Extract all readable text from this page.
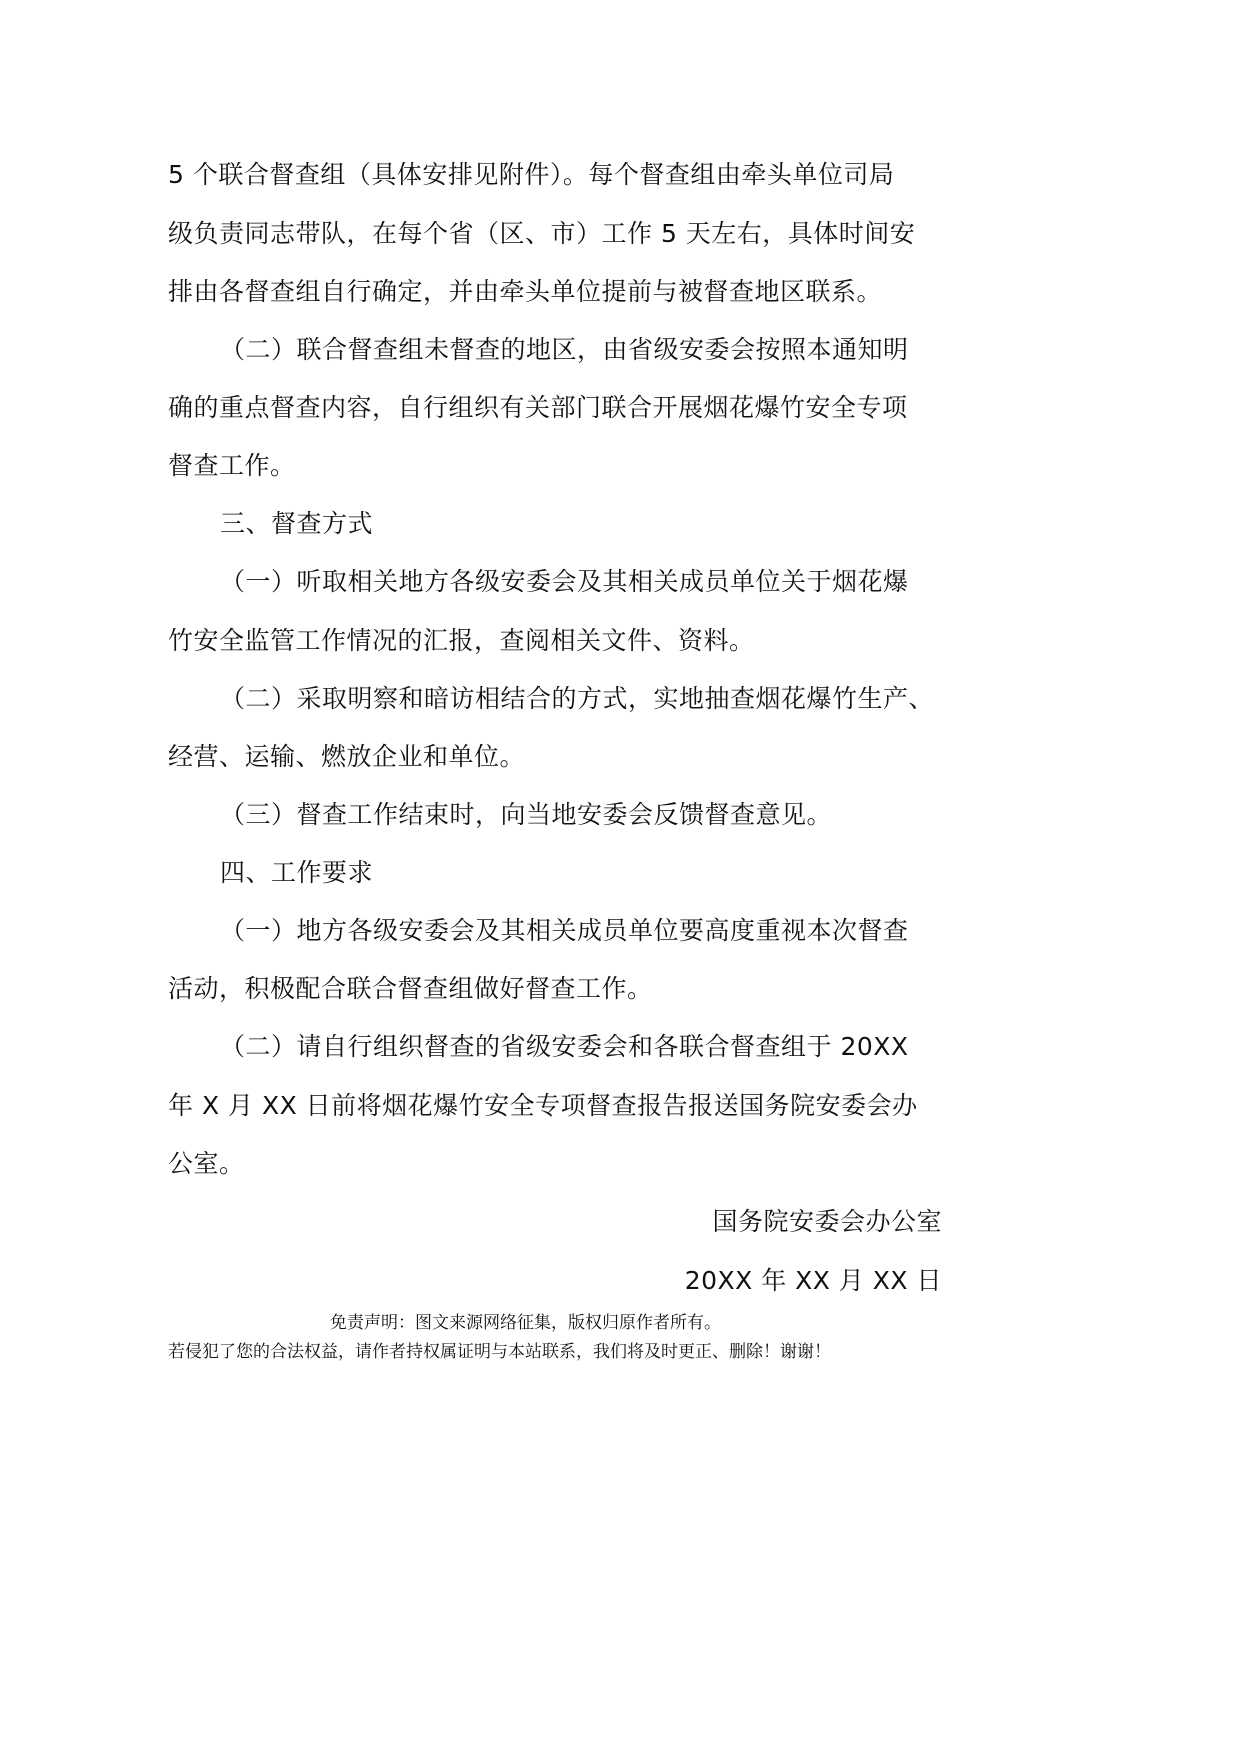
5 个联合督查组（具体安排见附件）。每个督查组由牵头单位司局
级负责同志带队，在每个省（区、市）工作 5 天左右，具体时间安
排由各督查组自行确定，并由牵头单位提前与被督查地区联系。
（二）联合督查组未督查的地区，由省级安委会按照本通知明
确的重点督查内容，自行组织有关部门联合开展烟花爆竹安全专项
督查工作。
三、督查方式
（一）听取相关地方各级安委会及其相关成员单位关于烟花爆
竹安全监管工作情况的汇报，查阅相关文件、资料。
（二）采取明察和暗访相结合的方式，实地抽查烟花爆竹生产、
经营、运输、燃放企业和单位。
（三）督查工作结束时，向当地安委会反馈督查意见。
四、工作要求
（一）地方各级安委会及其相关成员单位要高度重视本次督查
活动，积极配合联合督查组做好督查工作。
（二）请自行组织督查的省级安委会和各联合督查组于 20XX
年 X 月 XX 日前将烟花爆竹安全专项督查报告报送国务院安委会办
公室。
国务院安委会办公室
20XX 年 XX 月 XX 日
免责声明：图文来源网络征集，版权归原作者所有。
若侵犯了您的合法权益，请作者持权属证明与本站联系，我们将及时更正、删除！谢谢！
